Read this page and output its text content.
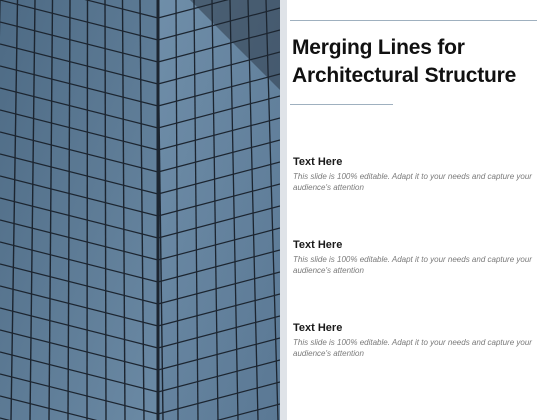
Merging Lines for Architectural Structure

Text Here

This slide is 100% editable. Adapt it to your needs and capture your audience's attention

Text Here

This slide is 100% editable. Adapt it to your needs and capture your audience's attention

Text Here

This slide is 100% editable. Adapt it to your needs and capture your audience's attention
